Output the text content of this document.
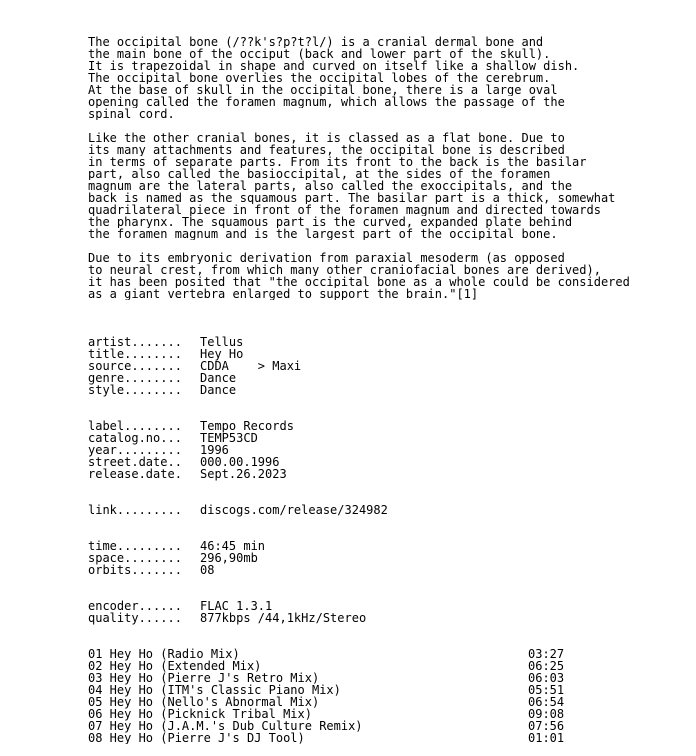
The occipital bone (/??k's?p?t?l/) is a cranial dermal bone and
the main bone of the occiput (back and lower part of the skull).
It is trapezoidal in shape and curved on itself like a shallow dish.
The occipital bone overlies the occipital lobes of the cerebrum.
At the base of skull in the occipital bone, there is a large oval
opening called the foramen magnum, which allows the passage of the
spinal cord.
Like the other cranial bones, it is classed as a flat bone. Due to
its many attachments and features, the occipital bone is described
in terms of separate parts. From its front to the back is the basilar
part, also called the basioccipital, at the sides of the foramen
magnum are the lateral parts, also called the exoccipitals, and the
back is named as the squamous part. The basilar part is a thick, somewhat
quadrilateral piece in front of the foramen magnum and directed towards
the pharynx. The squamous part is the curved, expanded plate behind
the foramen magnum and is the largest part of the occipital bone.
Due to its embryonic derivation from paraxial mesoderm (as opposed
to neural crest, from which many other craniofacial bones are derived),
it has been posited that "the occipital bone as a whole could be considered
as a giant vertebra enlarged to support the brain."[1]
artist.......	Tellus
title........	Hey Ho
source.......	CDDA    > Maxi
genre........	Dance
style........	Dance
label........	Tempo Records
catalog.no...	TEMP53CD
year.........	1996
street.date..	000.00.1996
release.date.	Sept.26.2023
link.........	discogs.com/release/324982
time.........	46:45 min
space........	296,90mb
orbits.......	08
encoder......	FLAC 1.3.1
quality......	877kbps /44,1kHz/Stereo
01 Hey Ho (Radio Mix)	03:27
02 Hey Ho (Extended Mix)	06:25
03 Hey Ho (Pierre J's Retro Mix)	06:03
04 Hey Ho (ITM's Classic Piano Mix)	05:51
05 Hey Ho (Nello's Abnormal Mix)	06:54
06 Hey Ho (Picknick Tribal Mix)	09:08
07 Hey Ho (J.A.M.'s Dub Culture Remix)	07:56
08 Hey Ho (Pierre J's DJ Tool)	01:01
